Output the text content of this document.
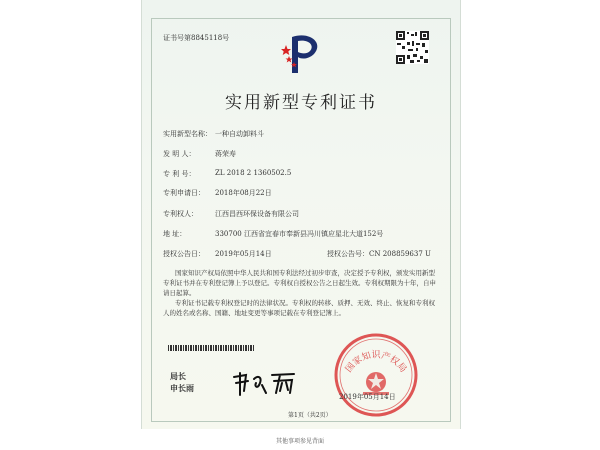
证书号第8845118号
实用新型专利证书
实用新型名称： 一种自动卸料斗
发 明 人：	蒋荣寿
专 利 号：	ZL 2018 2 1360502.5
专利申请日： 2018年08月22日
专利权人： 江西昌西环保设备有限公司
地 址：	330700 江西省宜春市奉新县冯川镇应星北大道152号
授权公告日： 2019年05月14日	授权公告号：CN 208859637 U
国家知识产权局依照中华人民共和国专利法经过初步审查，决定授予专利权，颁发实用新型专利证书并在专利登记簿上予以登记。专利权自授权公告之日起生效。专利权期限为十年，自申请日起算。
专利证书记载专利权登记时的法律状况。专利权的转移、质押、无效、终止、恢复和专利权人的姓名或名称、国籍、地址变更等事项记载在专利登记簿上。
局长
申长雨
国家知识产权局
2019年05月14日
第1页（共2页）
其他事项参见背面
